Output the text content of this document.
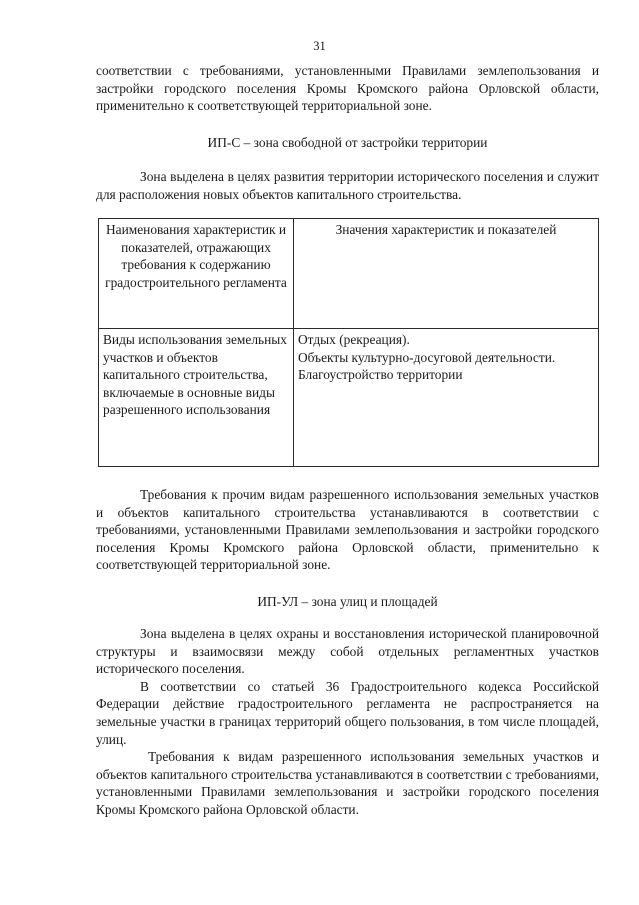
31

соответствии с требованиями, установленными Правилами землепользования и застройки городского поселения Кромы Кромского района Орловской области, применительно к соответствующей территориальной зоне.

ИП-С – зона свободной от застройки территории

Зона выделена в целях развития территории исторического поселения и служит для расположения новых объектов капитального строительства.

Наименования характеристик и показателей, отражающих требования к содержанию градостроительного регламента	Значения характеристик и показателей
Виды использования земельных участков и объектов капитального строительства, включаемые в основные виды разрешенного использования	Отдых (рекреация).
Объекты культурно-досуговой деятельности.
Благоустройство территории

Требования к прочим видам разрешенного использования земельных участков и объектов капитального строительства устанавливаются в соответствии с требованиями, установленными Правилами землепользования и застройки городского поселения Кромы Кромского района Орловской области, применительно к соответствующей территориальной зоне.

ИП-УЛ – зона улиц и площадей

Зона выделена в целях охраны и восстановления исторической планировочной структуры и взаимосвязи между собой отдельных регламентных участков исторического поселения.

В соответствии со статьей 36 Градостроительного кодекса Российской Федерации действие градостроительного регламента не распространяется на земельные участки в границах территорий общего пользования, в том числе площадей, улиц.

Требования к видам разрешенного использования земельных участков и объектов капитального строительства устанавливаются в соответствии с требованиями, установленными Правилами землепользования и застройки городского поселения Кромы Кромского района Орловской области.
